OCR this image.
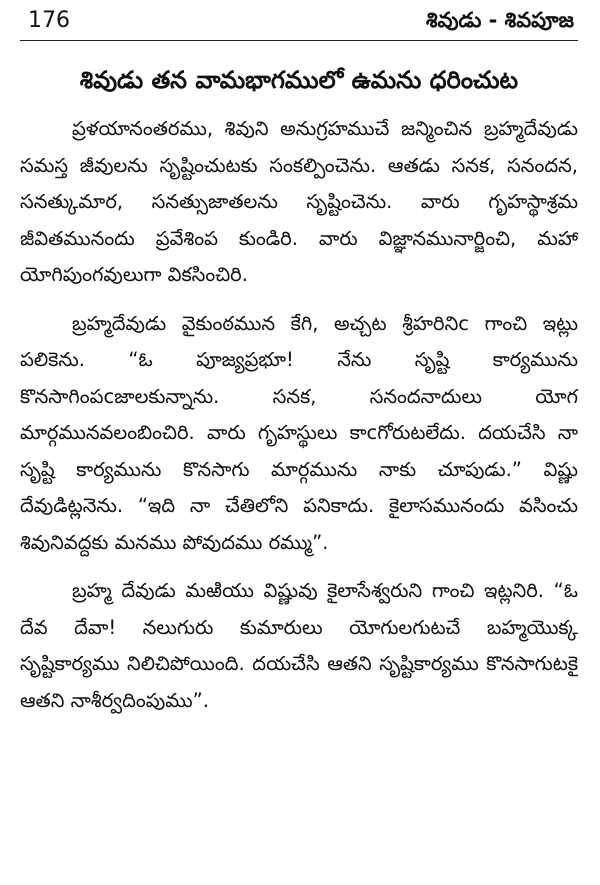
176	శివుడు - శివపూజ
శివుడు తన వామభాగములో ఉమను ధరించుట

ప్రళయానంతరము, శివుని అనుగ్రహముచే జన్మించిన బ్రహ్మదేవుడు సమస్త జీవులను సృష్టించుటకు సంకల్పించెను. ఆతడు సనక, సనందన, సనత్కుమార, సనత్సుజాతలను సృష్టించెను. వారు గృహస్థాశ్రమ జీవితమునందు ప్రవేశింప కుండిరి. వారు విజ్ఞానమునార్జించి, మహా యోగిపుంగవులుగా వికసించిరి.

బ్రహ్మదేవుడు వైకుంఠమున కేగి, అచ్చట శ్రీహరినిc గాంచి ఇట్లు పలికెను. “ఓ పూజ్యప్రభూ! నేను సృష్టి కార్యమును కొనసాగింపcజాలకున్నాను. సనక, సనందనాదులు యోగ మార్గమునవలంబించిరి. వారు గృహస్థులు కాcగోరుటలేదు. దయచేసి నా సృష్టి కార్యమును కొనసాగు మార్గమును నాకు చూపుడు.” విష్ణు దేవుడిట్లనెను. “ఇది నా చేతిలోని పనికాదు. కైలాసమునందు వసించు శివునివద్దకు మనము పోవుదము రమ్ము”.

బ్రహ్మ దేవుడు మఱియు విష్ణువు కైలాసేశ్వరుని గాంచి ఇట్లనిరి. “ఓ దేవ దేవా! నలుగురు కుమారులు యోగులగుటచే బహ్మయొక్క సృష్టికార్యము నిలిచిపోయింది. దయచేసి ఆతని సృష్టికార్యము కొనసాగుటకై ఆతని నాశీర్వదింపుము”.
